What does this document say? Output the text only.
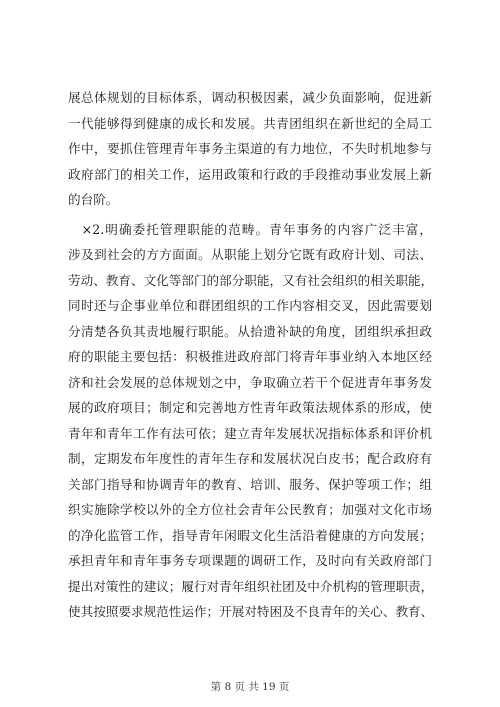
展总体规划的目标体系，调动积极因素，减少负面影响，促进新
一代能够得到健康的成长和发展。共青团组织在新世纪的全局工
作中，要抓住管理青年事务主渠道的有力地位，不失时机地参与
政府部门的相关工作，运用政策和行政的手段推动事业发展上新
的台阶。
　×2.明确委托管理职能的范畴。青年事务的内容广泛丰富，
涉及到社会的方方面面。从职能上划分它既有政府计划、司法、
劳动、教育、文化等部门的部分职能，又有社会组织的相关职能，
同时还与企事业单位和群团组织的工作内容相交叉，因此需要划
分清楚各负其责地履行职能。从拾遗补缺的角度，团组织承担政
府的职能主要包括：积极推进政府部门将青年事业纳入本地区经
济和社会发展的总体规划之中，争取确立若干个促进青年事务发
展的政府项目；制定和完善地方性青年政策法规体系的形成，使
青年和青年工作有法可依；建立青年发展状况指标体系和评价机
制，定期发布年度性的青年生存和发展状况白皮书；配合政府有
关部门指导和协调青年的教育、培训、服务、保护等项工作；组
织实施除学校以外的全方位社会青年公民教育；加强对文化市场
的净化监管工作，指导青年闲暇文化生活沿着健康的方向发展；
承担青年和青年事务专项课题的调研工作，及时向有关政府部门
提出对策性的建议；履行对青年组织社团及中介机构的管理职责，
使其按照要求规范性运作；开展对特困及不良青年的关心、教育、
第 8 页 共 19 页
